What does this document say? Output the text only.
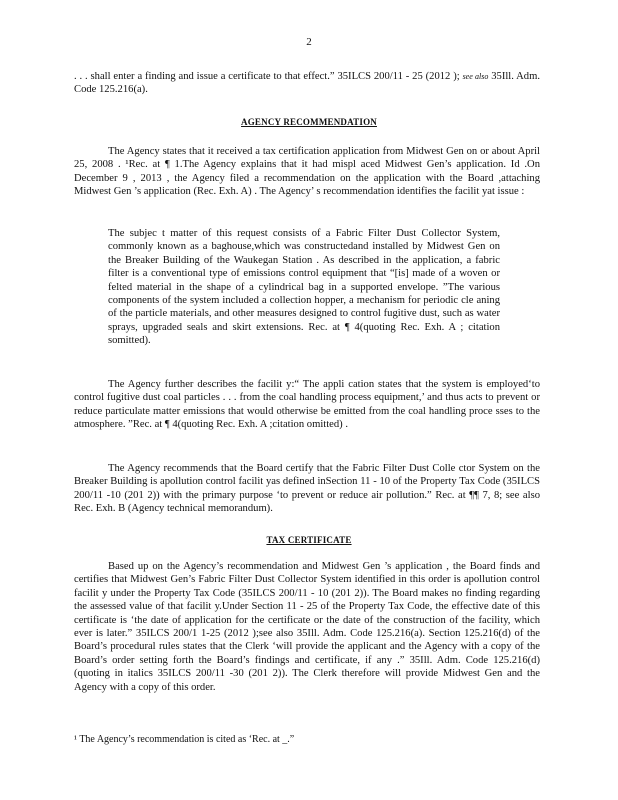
2

. . . shall enter a finding and issue a certificate to that effect.” 35ILCS 200/11 - 25 (2012 ); see also 35Ill. Adm. Code 125.216(a).

AGENCY RECOMMENDATION

The Agency states that it received a tax certification application from Midwest Gen on or about April 25, 2008 . ¹Rec. at ¶ 1.The Agency explains that it had mispl aced Midwest Gen’s application. Id .On December 9 , 2013 , the Agency filed a recommendation on the application with the Board ,attaching Midwest Gen ’s application (Rec. Exh. A) . The Agency’ s recommendation identifies the facilit yat issue :

The subjec t matter of this request consists of a Fabric Filter Dust Collector System, commonly known as a baghouse,which was constructedand installed by Midwest Gen on the Breaker Building of the Waukegan Station . As described in the application, a fabric filter is a conventional type of emissions control equipment that “[is] made of a woven or felted material in the shape of a cylindrical bag in a supported envelope. ”The various components of the system included a collection hopper, a mechanism for periodic cle aning of the particle materials, and other measures designed to control fugitive dust, such as water sprays, upgraded seals and skirt extensions. Rec. at ¶ 4(quoting Rec. Exh. A ; citation somitted).

The Agency further describes the facilit y:“ The appli cation states that the system is employed‘to control fugitive dust coal particles . . . from the coal handling process equipment,’ and thus acts to prevent or reduce particulate matter emissions that would otherwise be emitted from the coal handling proce sses to the atmosphere. ”Rec. at ¶ 4(quoting Rec. Exh. A ;citation omitted) .

The Agency recommends that the Board certify that the Fabric Filter Dust Colle ctor System on the Breaker Building is apollution control facilit yas defined inSection 11 - 10 of the Property Tax Code (35ILCS 200/11 -10 (201 2)) with the primary purpose ‘to prevent or reduce air pollution.” Rec. at ¶¶ 7, 8; see also Rec. Exh. B (Agency technical memorandum).

TAX CERTIFICATE

Based up on the Agency’s recommendation and Midwest Gen ’s application , the Board finds and certifies that Midwest Gen’s Fabric Filter Dust Collector System identified in this order is apollution control facilit y under the Property Tax Code (35ILCS 200/11 - 10 (201 2)). The Board makes no finding regarding the assessed value of that facilit y.Under Section 11 - 25 of the Property Tax Code, the effective date of this certificate is ‘the date of application for the certificate or the date of the construction of the facility, which ever is later.” 35ILCS 200/1 1-25 (2012 );see also 35Ill. Adm. Code 125.216(a). Section 125.216(d) of the Board’s procedural rules states that the Clerk ‘will provide the applicant and the Agency with a copy of the Board’s order setting forth the Board’s findings and certificate, if any .” 35Ill. Adm. Code 125.216(d) (quoting in italics 35ILCS 200/11 -30 (201 2)). The Clerk therefore will provide Midwest Gen and the Agency with a copy of this order.

¹ The Agency’s recommendation is cited as ‘Rec. at _.”
